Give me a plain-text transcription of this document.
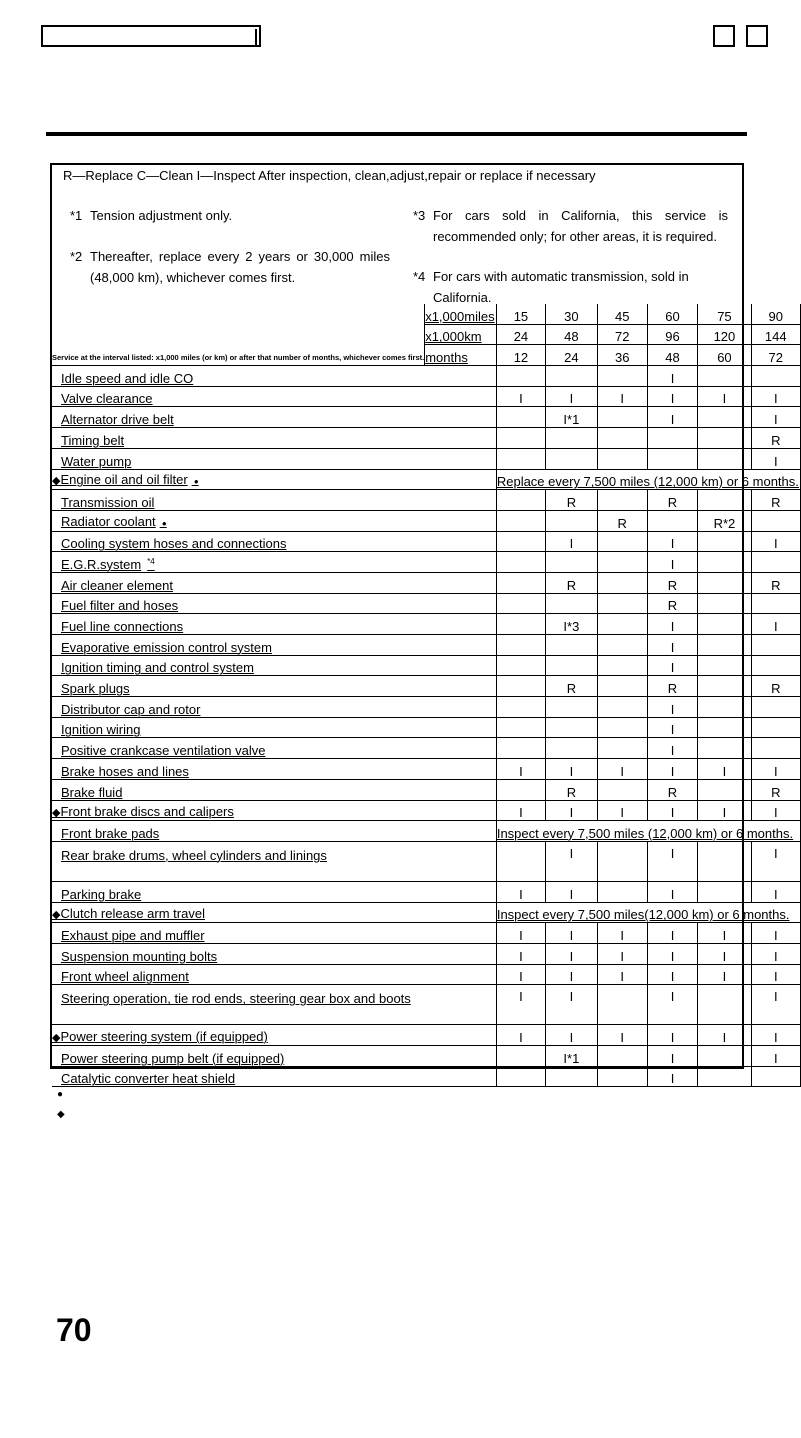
R—Replace C—Clean I—Inspect After inspection, clean,adjust,repair or replace if necessary
*1 Tension adjustment only.
*2 Thereafter, replace every 2 years or 30,000 miles (48,000 km), whichever comes first.
*3 For cars sold in California, this service is recommended only; for other areas, it is required.
*4 For cars with automatic transmission, sold in California.
Service at the interval listed: x1,000 miles (or km) or after that number of months, whichever comes first.	x1,000miles	15	30	45	60	75	90
	x1,000km	24	48	72	96	120	144
	months	12	24	36	48	60	72
Idle speed and idle CO					I		
Valve clearance		I	I	I	I	I	I
Alternator drive belt			I*1		I		I
Timing belt							R
Water pump							I
◆Engine oil and oil filter ●		Replace every 7,500 miles (12,000 km) or 6 months.					
Transmission oil			R		R		R
Radiator coolant ●				R		R*2	
Cooling system hoses and connections			I		I		I
E.G.R.system $^{*4}$					I		
Air cleaner element			R		R		R
Fuel filter and hoses					R		
Fuel line connections			I*3		I		I
Evaporative emission control system					I		
Ignition timing and control system					I		
Spark plugs			R		R		R
Distributor cap and rotor					I		
Ignition wiring					I		
Positive crankcase ventilation valve					I		
Brake hoses and lines		I	I	I	I	I	I
Brake fluid			R		R		R
◆Front brake discs and calipers		I	I	I	I	I	I
Front brake pads		Inspect every 7,500 miles (12,000 km) or 6 months.					
Rear brake drums, wheel cylinders and linings			I		I		I
Parking brake		I	I		I		I
◆Clutch release arm travel		Inspect every 7,500 miles(12,000 km) or 6 months.					
Exhaust pipe and muffler		I	I	I	I	I	I
Suspension mounting bolts		I	I	I	I	I	I
Front wheel alignment		I	I	I	I	I	I
Steering operation, tie rod ends, steering gear box and boots		I	I		I		I
◆Power steering system (if equipped)		I	I	I	I	I	I
Power steering pump belt (if equipped)			I*1		I		I
Catalytic converter heat shield					I		
●
◆
70
